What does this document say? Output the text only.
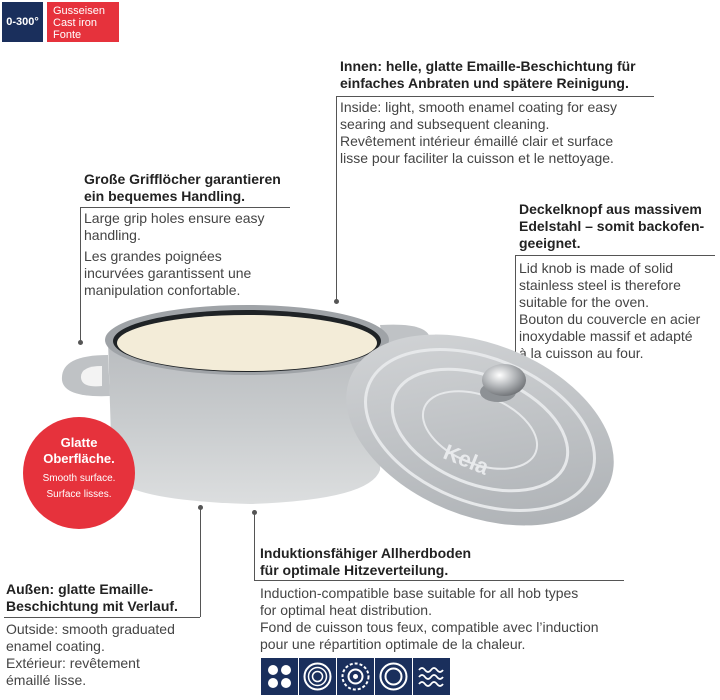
0-300°
Gusseisen
Cast iron
Fonte
Innen: helle, glatte Emaille-Beschichtung für
einfaches Anbraten und spätere Reinigung.
Inside: light, smooth enamel coating for easy
searing and subsequent cleaning.
Revêtement intérieur émaillé clair et surface
lisse pour faciliter la cuisson et le nettoyage.
Große Grifflöcher garantieren
ein bequemes Handling.
Large grip holes ensure easy
handling.
Les grandes poignées
incurvées garantissent une
manipulation confortable.
Deckelknopf aus massivem
Edelstahl – somit backofen-
geeignet.
Lid knob is made of solid
stainless steel is therefore
suitable for the oven.
Bouton du couvercle en acier
inoxydable massif et adapté
à la cuisson au four.
Kela
Glatte
Oberfläche.
Smooth surface.
Surface lisses.
Induktionsfähiger Allherdboden
für optimale Hitzeverteilung.
Induction-compatible base suitable for all hob types
for optimal heat distribution.
Fond de cuisson tous feux, compatible avec l’induction
pour une répartition optimale de la chaleur.
Außen: glatte Emaille-
Beschichtung mit Verlauf.
Outside: smooth graduated
enamel coating.
Extérieur: revêtement
émaillé lisse.
